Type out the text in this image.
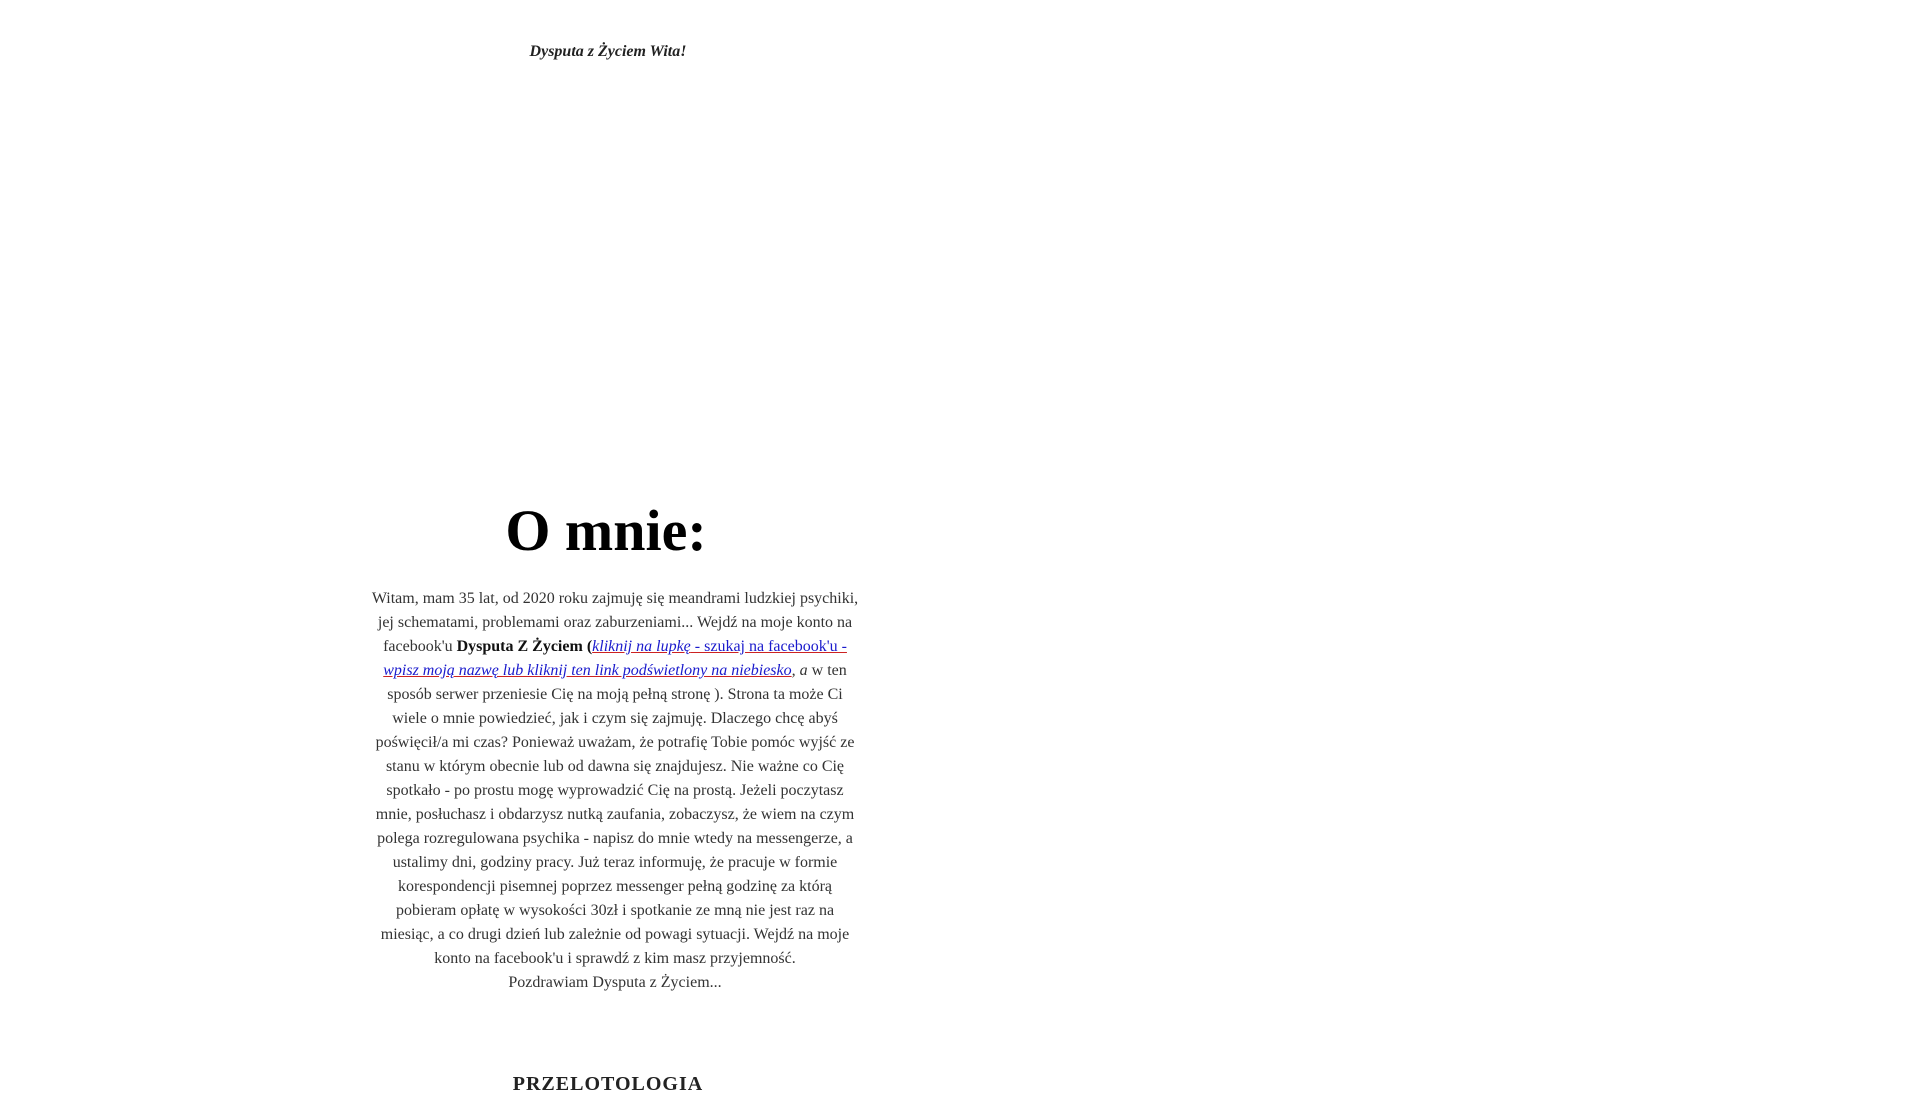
Dysputa z Życiem Wita!
O mnie:
Witam, mam 35 lat, od 2020 roku zajmuję się meandrami ludzkiej psychiki, jej schematami, problemami oraz zaburzeniami... Wejdź na moje konto na facebook'u Dysputa Z Życiem (kliknij na lupkę - szukaj na facebook'u - wpisz moją nazwę lub kliknij ten link podświetlony na niebiesko, a w ten sposób serwer przeniesie Cię na moją pełną stronę ). Strona ta może Ci wiele o mnie powiedzieć, jak i czym się zajmuję. Dlaczego chcę abyś poświęcił/a mi czas? Ponieważ uważam, że potrafię Tobie pomóc wyjść ze stanu w którym obecnie lub od dawna się znajdujesz. Nie ważne co Cię spotkało - po prostu mogę wyprowadzić Cię na prostą. Jeżeli poczytasz mnie, posłuchasz i obdarzysz nutką zaufania, zobaczysz, że wiem na czym polega rozregulowana psychika - napisz do mnie wtedy na messengerze, a ustalimy dni, godziny pracy. Już teraz informuję, że pracuje w formie korespondencji pisemnej poprzez messenger pełną godzinę za którą pobieram opłatę w wysokości 30zł i spotkanie ze mną nie jest raz na miesiąc, a co drugi dzień lub zależnie od powagi sytuacji. Wejdź na moje konto na facebook'u i sprawdź z kim masz przyjemność.
Pozdrawiam Dysputa z Życiem...
PRZELOTOLOGIA
